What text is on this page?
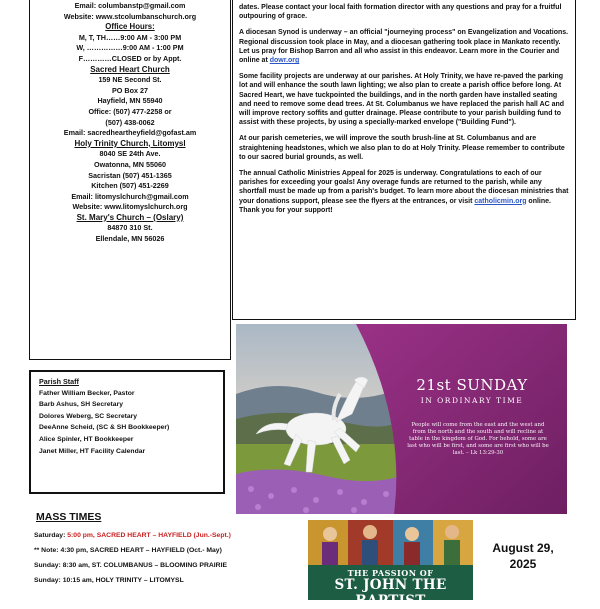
Email: columbanstp@gmail.com
Website: www.stcolumbanschurch.org
Office Hours:
M, T, TH……9:00 AM - 3:00 PM
W, ……………9:00 AM - 1:00 PM
F…………CLOSED or by Appt.
Sacred Heart Church
159 NE Second St.
PO Box 27
Hayfield, MN 55940
Office: (507) 477-2258 or
(507) 438-0062
Email: sacredheartheyfield@gofast.am
Holy Trinity Church, Litomysl
8040 SE 24th Ave.
Owatonna, MN 55060
Sacristan (507) 451-1365
Kitchen (507) 451-2269
Email: litomyslchurch@gmail.com
Website: www.litomyslchurch.org
St. Mary's Church – (Oslary)
84870 310 St.
Ellendale, MN 56026

dates. Please contact your local faith formation director with any questions and pray for a fruitful outpouring of grace.

A diocesan Synod is underway – an official "journeying process" on Evangelization and Vocations. Regional discussion took place in May, and a diocesan gathering took place in Mankato recently. Let us pray for Bishop Barron and all who assist in this endeavor. Learn more in the Courier and online at dowr.org

Some facility projects are underway at our parishes. At Holy Trinity, we have re-paved the parking lot and will enhance the south lawn lighting; we also plan to create a parish office before long. At Sacred Heart, we have tuckpointed the buildings, and in the north garden have installed seating and need to remove some dead trees. At St. Columbanus we have replaced the parish hall AC and will improve rectory soffits and gutter drainage. Please contribute to your parish building fund to assist with these projects, by using a specially-marked envelope ("Building Fund").

At our parish cemeteries, we will improve the south brush-line at St. Columbanus and are straightening headstones, which we also plan to do at Holy Trinity. Please remember to contribute to our sacred burial grounds, as well.

The annual Catholic Ministries Appeal for 2025 is underway. Congratulations to each of our parishes for exceeding your goals! Any overage funds are returned to the parish, while any shortfall must be made up from a parish's budget. To learn more about the diocesan ministries that your donations support, please see the flyers at the entrances, or visit catholicmin.org online. Thank you for your support!

21st SUNDAY
IN ORDINARY TIME
People will come from the east and the west and from the north and the south and will recline at table in the kingdom of God. For behold, some are last who will be first, and some are first who will be last. – Lk 13:29-30
Parish Staff
Father William Becker, Pastor
Barb Ashus, SH Secretary
Dolores Weberg, SC Secretary
DeeAnne Scheid, (SC & SH Bookkeeper)
Alice Spinler, HT Bookkeeper
Janet Miller, HT Facility Calendar
MASS TIMES
Saturday: 5:00 pm, SACRED HEART – HAYFIELD (Jun.-Sept.)
** Note: 4:30 pm, SACRED HEART – HAYFIELD (Oct.- May)
Sunday: 8:30 am, ST. COLUMBANUS – BLOOMING PRAIRIE
Sunday: 10:15 am, HOLY TRINITY – LITOMYSL
THE PASSION OF
ST. JOHN THE BAPTIST
August 29,
2025
